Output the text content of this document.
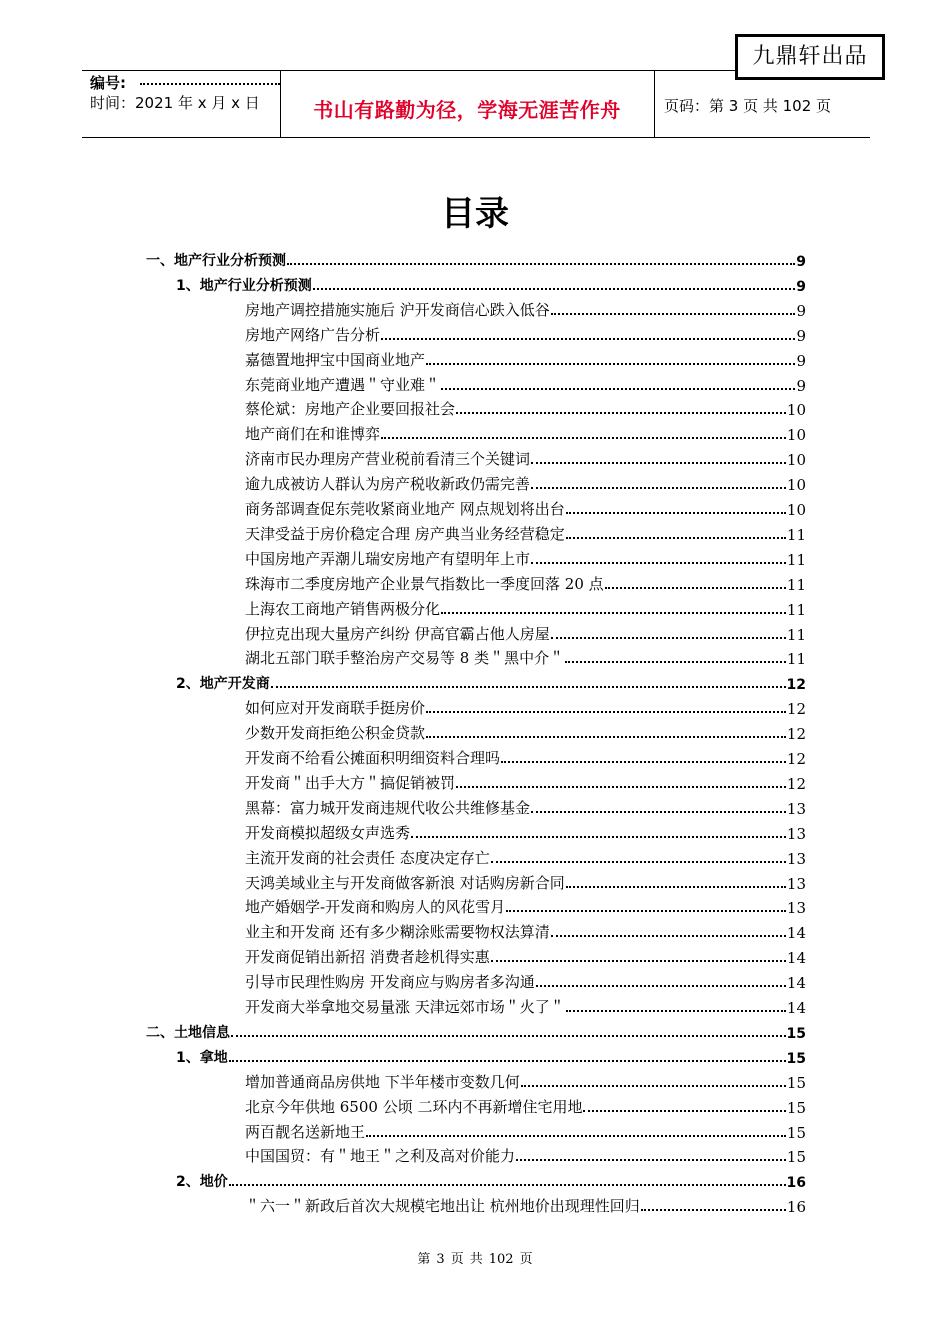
九鼎轩出品
编号:
时间：2021 年 x 月 x 日	书山有路勤为径，学海无涯苦作舟	页码：第 3 页 共 102 页
目录
一、地产行业分析预测	9
1、地产行业分析预测	9
房地产调控措施实施后 沪开发商信心跌入低谷	9
房地产网络广告分析	9
嘉德置地押宝中国商业地产	9
东莞商业地产遭遇＂守业难＂	9
蔡伦斌：房地产企业要回报社会	10
地产商们在和谁博弈	10
济南市民办理房产营业税前看清三个关键词	10
逾九成被访人群认为房产税收新政仍需完善	10
商务部调查促东莞收紧商业地产 网点规划将出台	10
天津受益于房价稳定合理 房产典当业务经营稳定	11
中国房地产弄潮儿瑞安房地产有望明年上市	11
珠海市二季度房地产企业景气指数比一季度回落 20 点	11
上海农工商地产销售两极分化	11
伊拉克出现大量房产纠纷 伊高官霸占他人房屋	11
湖北五部门联手整治房产交易等 8 类＂黑中介＂	11
2、地产开发商	12
如何应对开发商联手挺房价	12
少数开发商拒绝公积金贷款	12
开发商不给看公摊面积明细资料合理吗	12
开发商＂出手大方＂搞促销被罚	12
黑幕：富力城开发商违规代收公共维修基金	13
开发商模拟超级女声选秀	13
主流开发商的社会责任 态度决定存亡	13
天鸿美域业主与开发商做客新浪 对话购房新合同	13
地产婚姻学-开发商和购房人的风花雪月	13
业主和开发商 还有多少糊涂账需要物权法算清	14
开发商促销出新招 消费者趁机得实惠	14
引导市民理性购房 开发商应与购房者多沟通	14
开发商大举拿地交易量涨 天津远郊市场＂火了＂	14
二、土地信息	15
1、拿地	15
增加普通商品房供地 下半年楼市变数几何	15
北京今年供地 6500 公顷 二环内不再新增住宅用地	15
两百靓名送新地王	15
中国国贸：有＂地王＂之利及高对价能力	15
2、地价	16
＂六一＂新政后首次大规模宅地出让 杭州地价出现理性回归	16
第 3 页 共 102 页
